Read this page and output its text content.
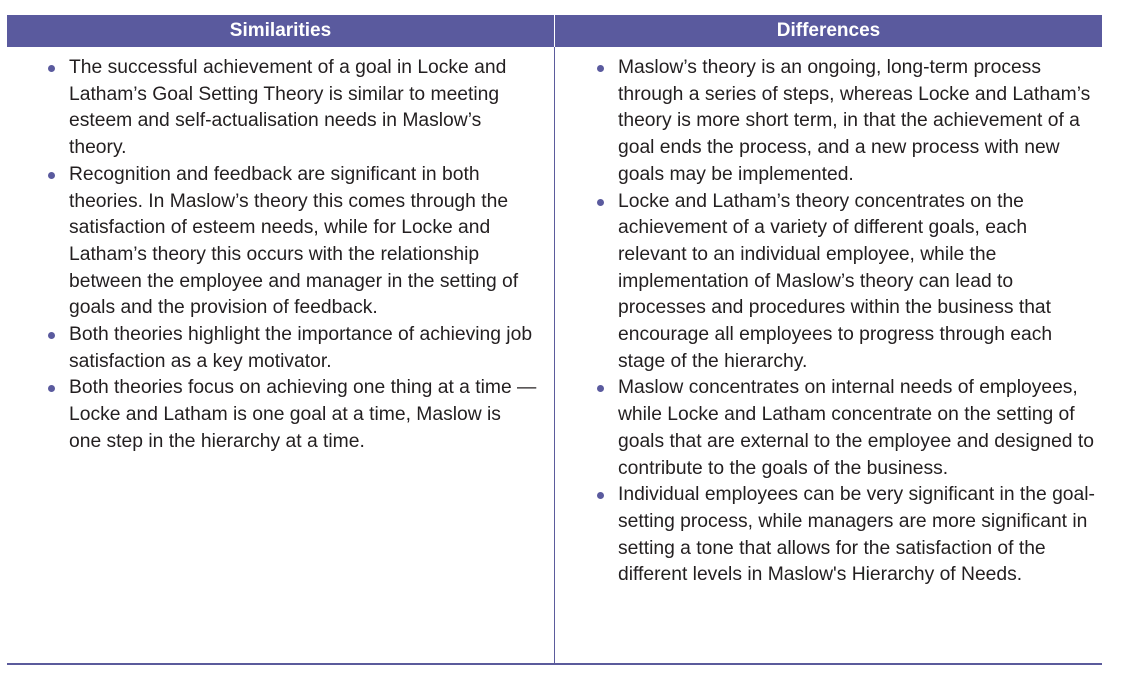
Similarities	Differences
The successful achievement of a goal in Locke and Latham’s Goal Setting Theory is similar to meeting esteem and self-actualisation needs in Maslow’s theory.
Recognition and feedback are significant in both theories. In Maslow’s theory this comes through the satisfaction of esteem needs, while for Locke and Latham’s theory this occurs with the relationship between the employee and manager in the setting of goals and the provision of feedback.
Both theories highlight the importance of achieving job satisfaction as a key motivator.
Both theories focus on achieving one thing at a time — Locke and Latham is one goal at a time, Maslow is one step in the hierarchy at a time.
Maslow’s theory is an ongoing, long-term process through a series of steps, whereas Locke and Latham’s theory is more short term, in that the achievement of a goal ends the process, and a new process with new goals may be implemented.
Locke and Latham’s theory concentrates on the achievement of a variety of different goals, each relevant to an individual employee, while the implementation of Maslow’s theory can lead to processes and procedures within the business that encourage all employees to progress through each stage of the hierarchy.
Maslow concentrates on internal needs of employees, while Locke and Latham concentrate on the setting of goals that are external to the employee and designed to contribute to the goals of the business.
Individual employees can be very significant in the goal-setting process, while managers are more significant in setting a tone that allows for the satisfaction of the different levels in Maslow's Hierarchy of Needs.
